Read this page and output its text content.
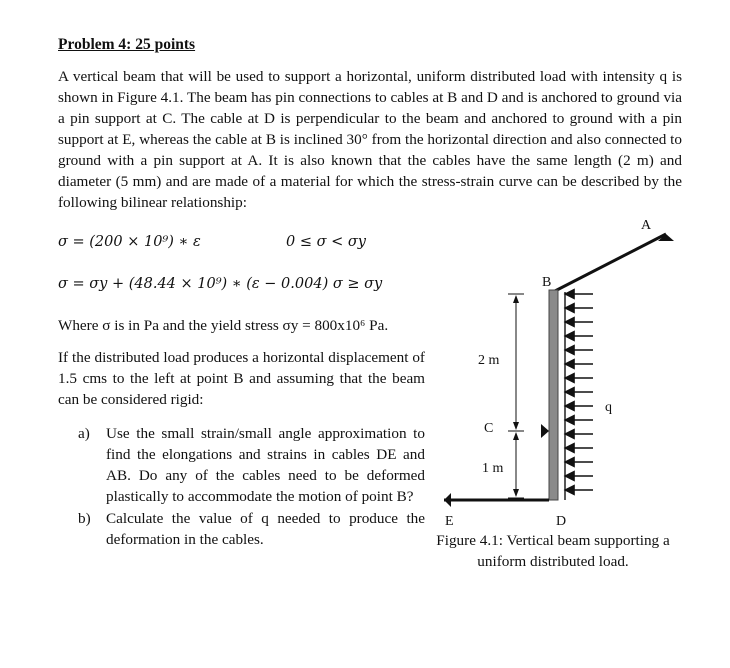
Problem 4: 25 points
A vertical beam that will be used to support a horizontal, uniform distributed load with intensity q is shown in Figure 4.1. The beam has pin connections to cables at B and D and is anchored to ground via a pin support at C. The cable at D is perpendicular to the beam and anchored to ground with a pin support at E, whereas the cable at B is inclined 30° from the horizontal direction and also connected to ground with a pin support at A. It is also known that the cables have the same length (2 m) and diameter (5 mm) and are made of a material for which the stress-strain curve can be described by the following bilinear relationship:
σ = (200 × 10⁹) ∗ ε	0 ≤ σ < σy
σ = σy + (48.44 × 10⁹) ∗ (ε − 0.004) σ ≥ σy
Where σ is in Pa and the yield stress σy = 800x10⁶ Pa.
If the distributed load produces a horizontal displacement of 1.5 cms to the left at point B and assuming that the beam can be considered rigid:
a)	Use the small strain/small angle approximation to find the elongations and strains in cables DE and AB. Do any of the cables need to be deformed plastically to accommodate the motion of point B?
b)	Calculate the value of q needed to produce the deformation in the cables.
A
B
q
C
E	D
2 m
1 m
Figure 4.1: Vertical beam supporting a uniform distributed load.
